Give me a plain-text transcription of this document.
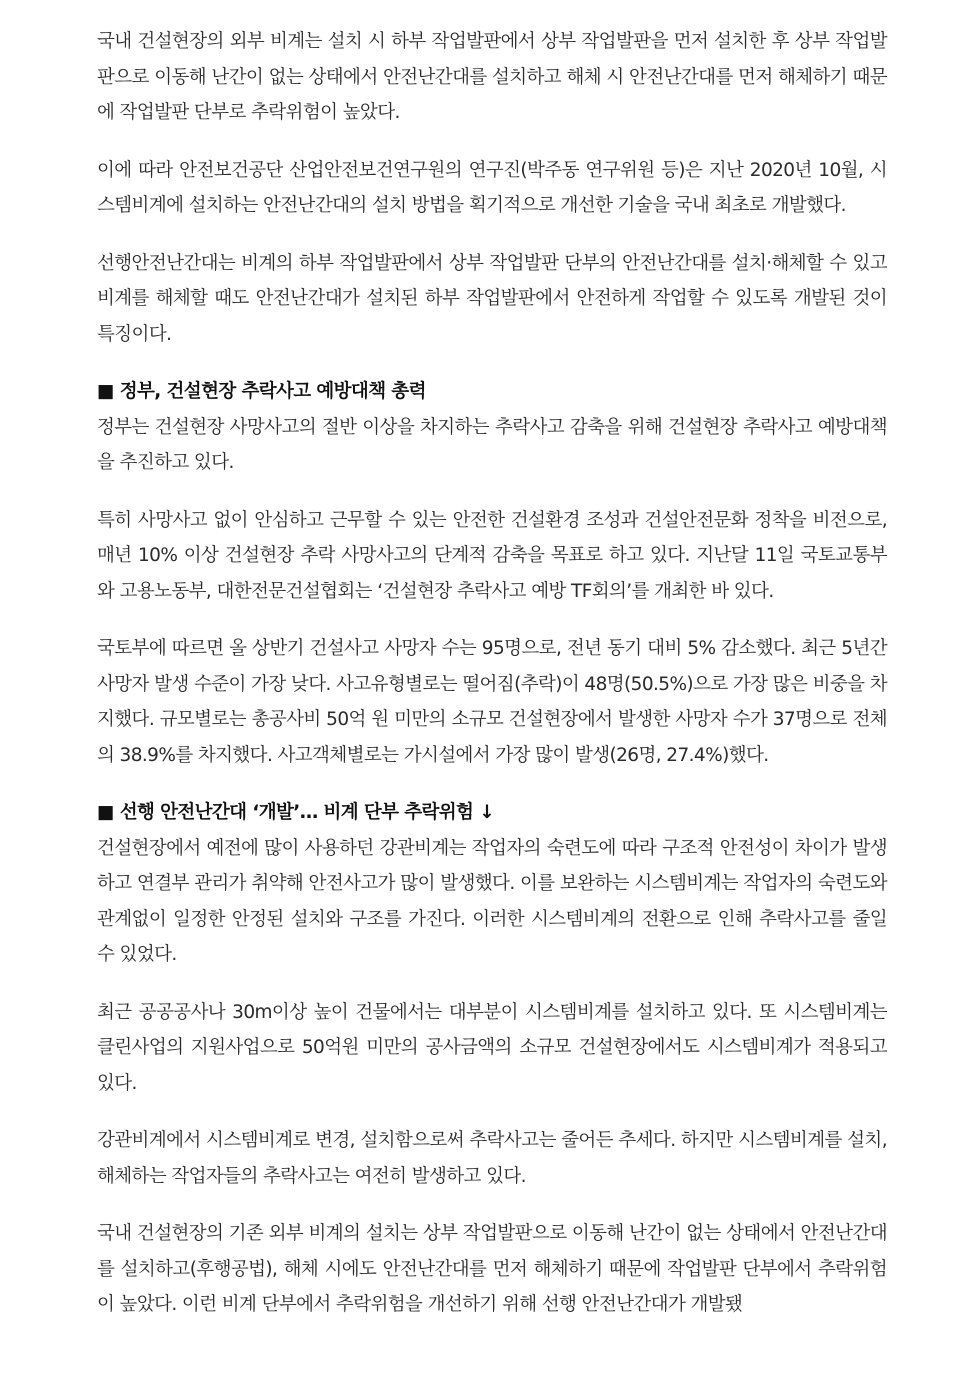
국내 건설현장의 외부 비계는 설치 시 하부 작업발판에서 상부 작업발판을 먼저 설치한 후 상부 작업발판으로 이동해 난간이 없는 상태에서 안전난간대를 설치하고 해체 시 안전난간대를 먼저 해체하기 때문에 작업발판 단부로 추락위험이 높았다.

이에 따라 안전보건공단 산업안전보건연구원의 연구진(박주동 연구위원 등)은 지난 2020년 10월, 시스템비계에 설치하는 안전난간대의 설치 방법을 획기적으로 개선한 기술을 국내 최초로 개발했다.

선행안전난간대는 비계의 하부 작업발판에서 상부 작업발판 단부의 안전난간대를 설치·해체할 수 있고 비계를 해체할 때도 안전난간대가 설치된 하부 작업발판에서 안전하게 작업할 수 있도록 개발된 것이 특징이다.

■ 정부, 건설현장 추락사고 예방대책 총력

정부는 건설현장 사망사고의 절반 이상을 차지하는 추락사고 감축을 위해 건설현장 추락사고 예방대책을 추진하고 있다.

특히 사망사고 없이 안심하고 근무할 수 있는 안전한 건설환경 조성과 건설안전문화 정착을 비전으로, 매년 10% 이상 건설현장 추락 사망사고의 단계적 감축을 목표로 하고 있다. 지난달 11일 국토교통부와 고용노동부, 대한전문건설협회는 ‘건설현장 추락사고 예방 TF회의’를 개최한 바 있다.

국토부에 따르면 올 상반기 건설사고 사망자 수는 95명으로, 전년 동기 대비 5% 감소했다. 최근 5년간 사망자 발생 수준이 가장 낮다. 사고유형별로는 떨어짐(추락)이 48명(50.5%)으로 가장 많은 비중을 차지했다. 규모별로는 총공사비 50억 원 미만의 소규모 건설현장에서 발생한 사망자 수가 37명으로 전체의 38.9%를 차지했다. 사고객체별로는 가시설에서 가장 많이 발생(26명, 27.4%)했다.

■ 선행 안전난간대 ‘개발’… 비계 단부 추락위험 ↓

건설현장에서 예전에 많이 사용하던 강관비계는 작업자의 숙련도에 따라 구조적 안전성이 차이가 발생하고 연결부 관리가 취약해 안전사고가 많이 발생했다. 이를 보완하는 시스템비계는 작업자의 숙련도와 관계없이 일정한 안정된 설치와 구조를 가진다. 이러한 시스템비계의 전환으로 인해 추락사고를 줄일 수 있었다.

최근 공공공사나 30m이상 높이 건물에서는 대부분이 시스템비계를 설치하고 있다. 또 시스템비계는 클린사업의 지원사업으로 50억원 미만의 공사금액의 소규모 건설현장에서도 시스템비계가 적용되고 있다.

강관비계에서 시스템비계로 변경, 설치함으로써 추락사고는 줄어든 추세다. 하지만 시스템비계를 설치, 해체하는 작업자들의 추락사고는 여전히 발생하고 있다.

국내 건설현장의 기존 외부 비계의 설치는 상부 작업발판으로 이동해 난간이 없는 상태에서 안전난간대를 설치하고(후행공법), 해체 시에도 안전난간대를 먼저 해체하기 때문에 작업발판 단부에서 추락위험이 높았다. 이런 비계 단부에서 추락위험을 개선하기 위해 선행 안전난간대가 개발됐
